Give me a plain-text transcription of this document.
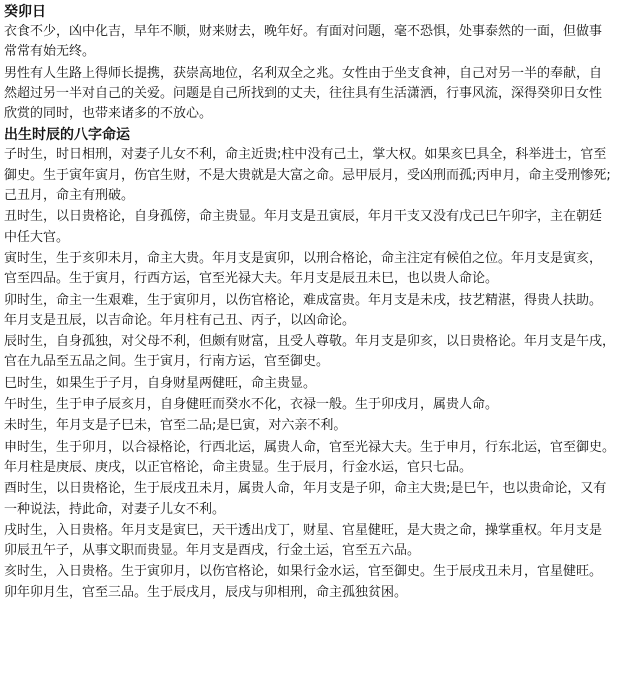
癸卯日
衣食不少，凶中化吉，早年不顺，财来财去，晚年好。有面对问题，毫不恐惧，处事泰然的一面，但做事
常常有始无终。
男性有人生路上得师长提携，获崇高地位，名利双全之兆。女性由于坐支食神，自己对另一半的奉献，自
然超过另一半对自己的关爱。问题是自己所找到的丈夫，往往具有生活潇洒，行事风流，深得癸卯日女性
欣赏的同时，也带来诸多的不放心。
出生时辰的八字命运
子时生，时日相刑，对妻子儿女不利，命主近贵;柱中没有己土，掌大权。如果亥巳具全，科举进士，官至
御史。生于寅年寅月，伤官生财，不是大贵就是大富之命。忌甲辰月，受凶刑而孤;丙申月，命主受刑惨死;
己丑月，命主有刑破。
丑时生，以日贵格论，自身孤傍，命主贵显。年月支是丑寅辰，年月干支又没有戊己巳午卯字，主在朝廷
中任大官。
寅时生，生于亥卯未月，命主大贵。年月支是寅卯，以刑合格论，命主注定有候伯之位。年月支是寅亥，
官至四品。生于寅月，行西方运，官至光禄大夫。年月支是辰丑未巳，也以贵人命论。
卯时生，命主一生艰难，生于寅卯月，以伤官格论，难成富贵。年月支是未戌，技艺精湛，得贵人扶助。
年月支是丑辰，以吉命论。年月柱有己丑、丙子，以凶命论。
辰时生，自身孤独，对父母不利，但颇有财富，且受人尊敬。年月支是卯亥，以日贵格论。年月支是午戌，
官在九品至五品之间。生于寅月，行南方运，官至御史。
巳时生，如果生于子月，自身财星两健旺，命主贵显。
午时生，生于申子辰亥月，自身健旺而癸水不化，衣禄一般。生于卯戌月，属贵人命。
未时生，年月支是子巳未，官至二品;是巳寅，对六亲不利。
申时生，生于卯月，以合禄格论，行西北运，属贵人命，官至光禄大夫。生于申月，行东北运，官至御史。
年月柱是庚辰、庚戌，以正官格论，命主贵显。生于辰月，行金水运，官只七品。
酉时生，以日贵格论，生于辰戌丑未月，属贵人命，年月支是子卯，命主大贵;是巳午，也以贵命论，又有
一种说法，持此命，对妻子儿女不利。
戌时生，入日贵格。年月支是寅巳，天干透出戊丁，财星、官星健旺，是大贵之命，操掌重权。年月支是
卯辰丑午子，从事文职而贵显。年月支是酉戌，行金土运，官至五六品。
亥时生，入日贵格。生于寅卯月，以伤官格论，如果行金水运，官至御史。生于辰戌丑未月，官星健旺。
卯年卯月生，官至三品。生于辰戌月，辰戌与卯相刑，命主孤独贫困。
